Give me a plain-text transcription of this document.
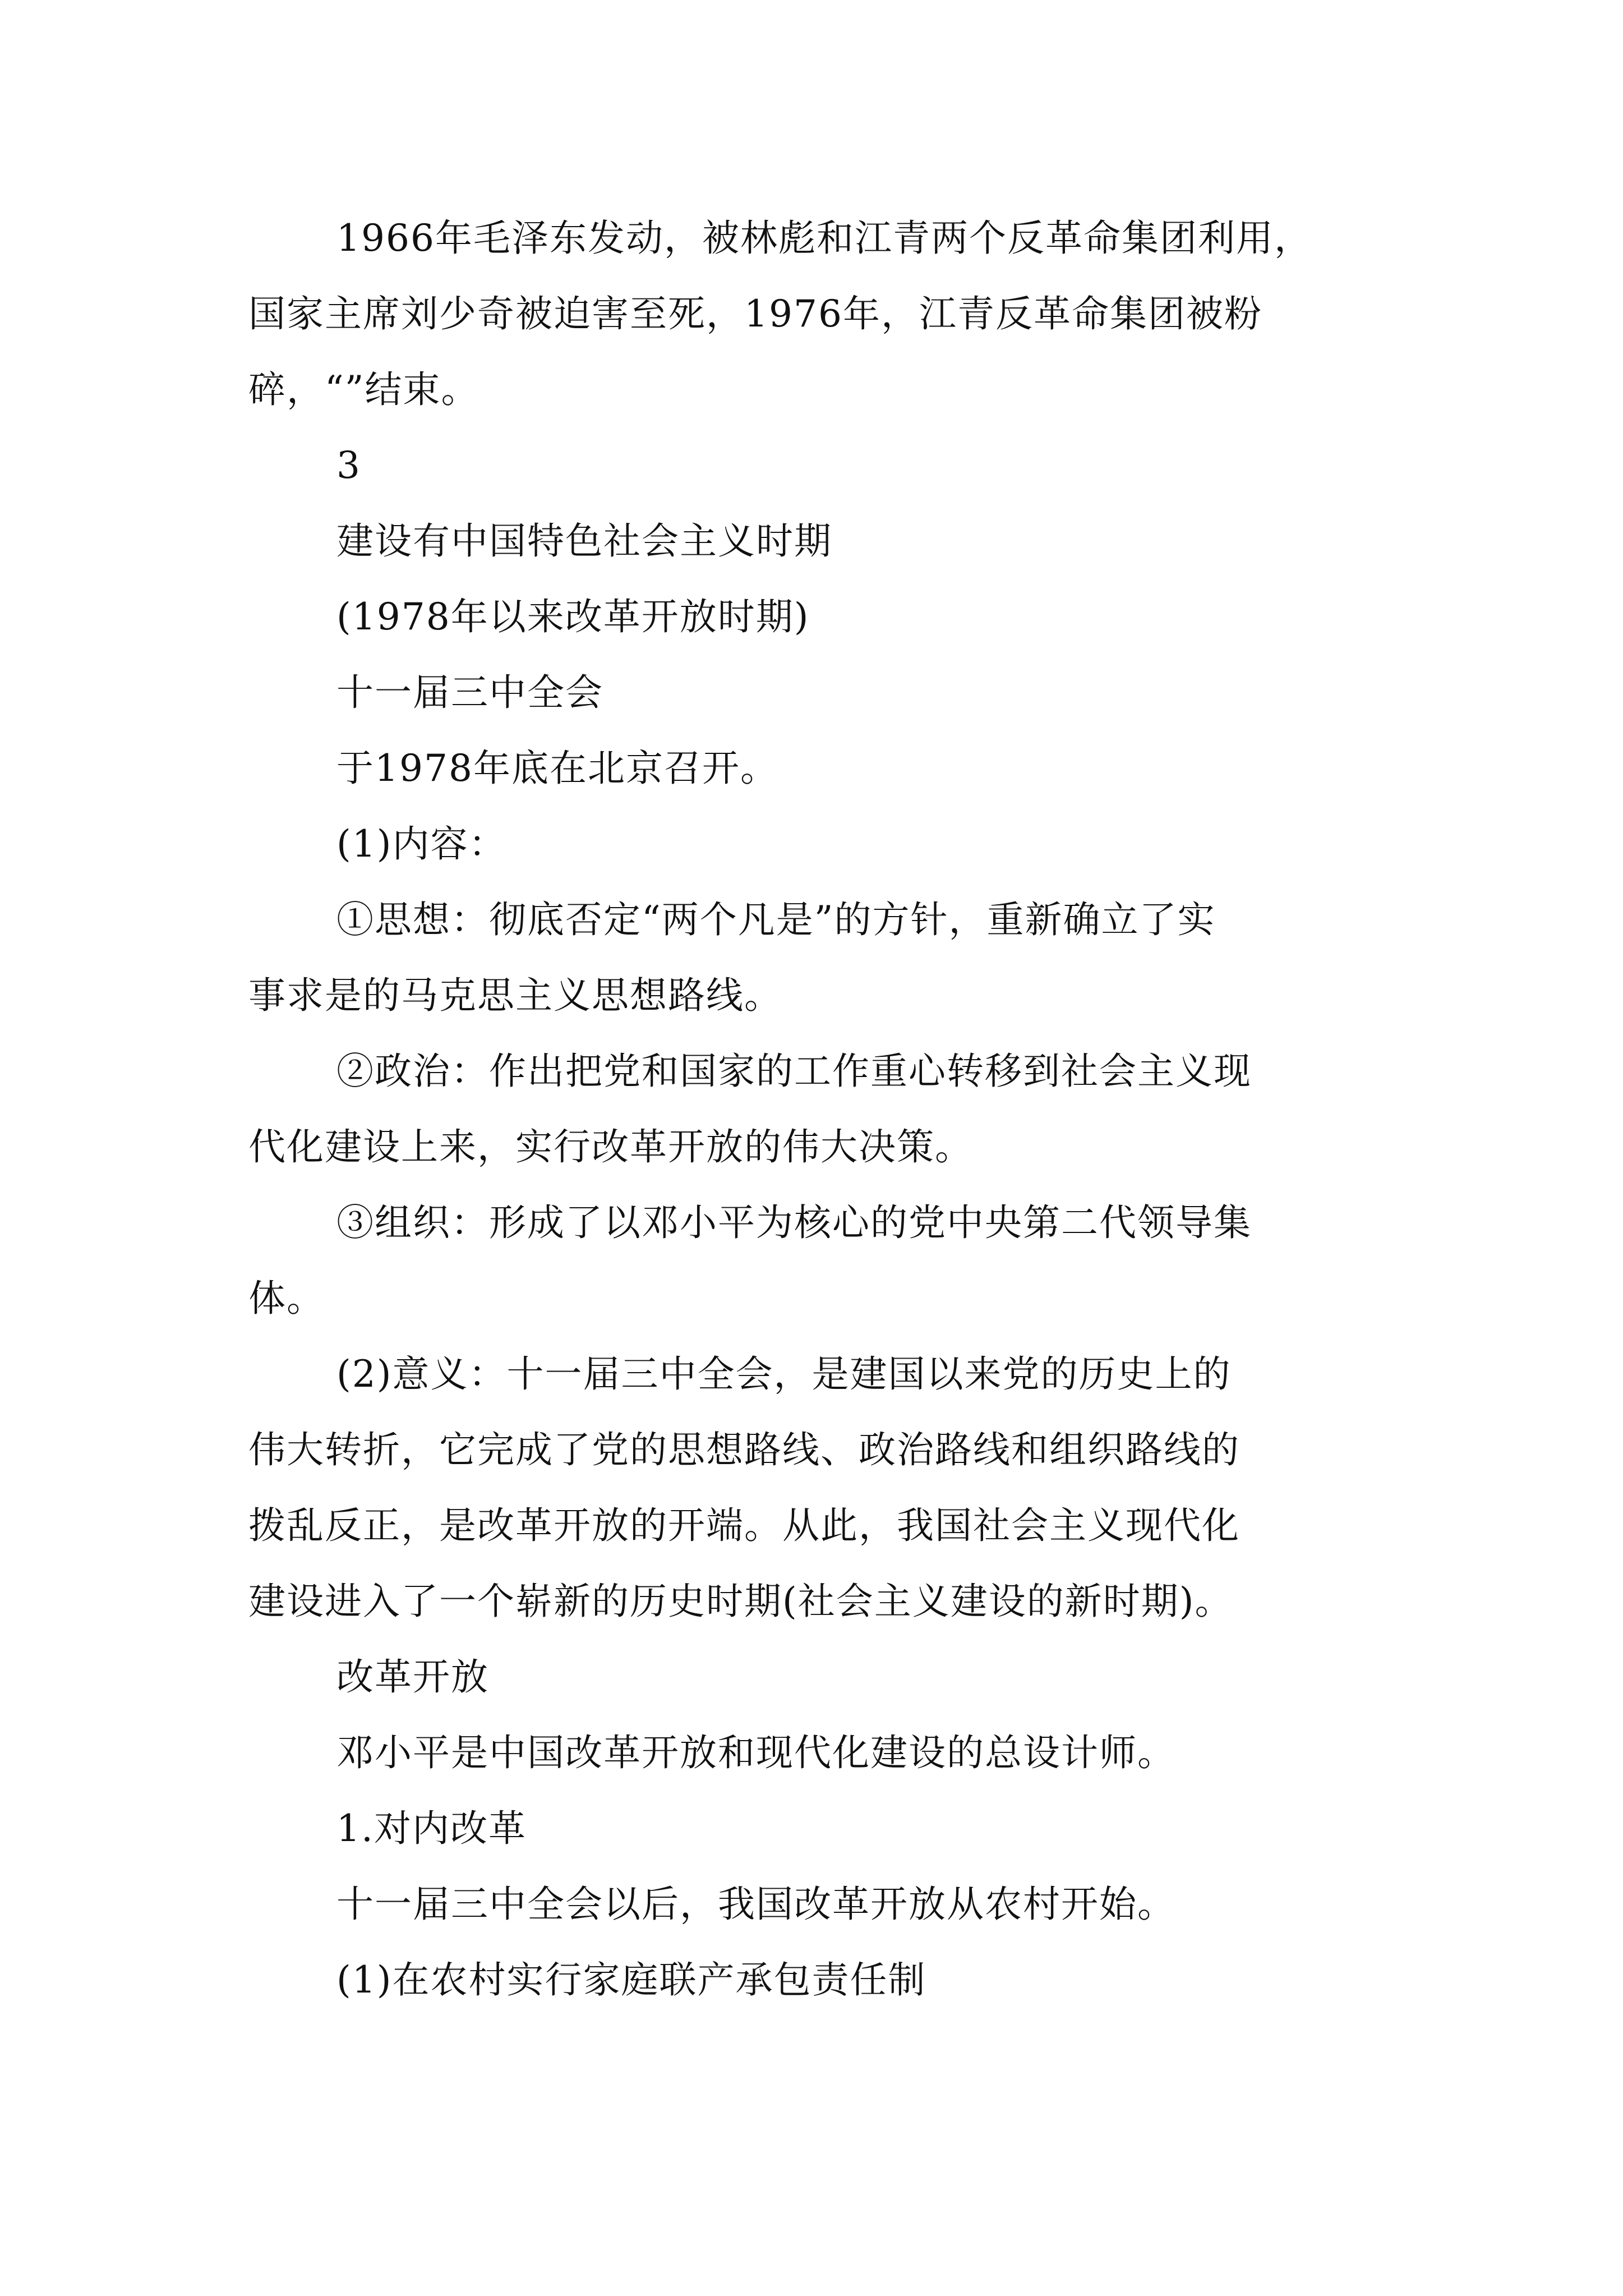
1966年毛泽东发动，被林彪和江青两个反革命集团利用，
国家主席刘少奇被迫害至死，1976年，江青反革命集团被粉
碎，“”结束。
3
建设有中国特色社会主义时期
(1978年以来改革开放时期)
十一届三中全会
于1978年底在北京召开。
(1)内容：
①思想：彻底否定“两个凡是”的方针，重新确立了实
事求是的马克思主义思想路线。
②政治：作出把党和国家的工作重心转移到社会主义现
代化建设上来，实行改革开放的伟大决策。
③组织：形成了以邓小平为核心的党中央第二代领导集
体。
(2)意义：十一届三中全会，是建国以来党的历史上的
伟大转折，它完成了党的思想路线、政治路线和组织路线的
拨乱反正，是改革开放的开端。从此，我国社会主义现代化
建设进入了一个崭新的历史时期(社会主义建设的新时期)。
改革开放
邓小平是中国改革开放和现代化建设的总设计师。
1.对内改革
十一届三中全会以后，我国改革开放从农村开始。
(1)在农村实行家庭联产承包责任制
